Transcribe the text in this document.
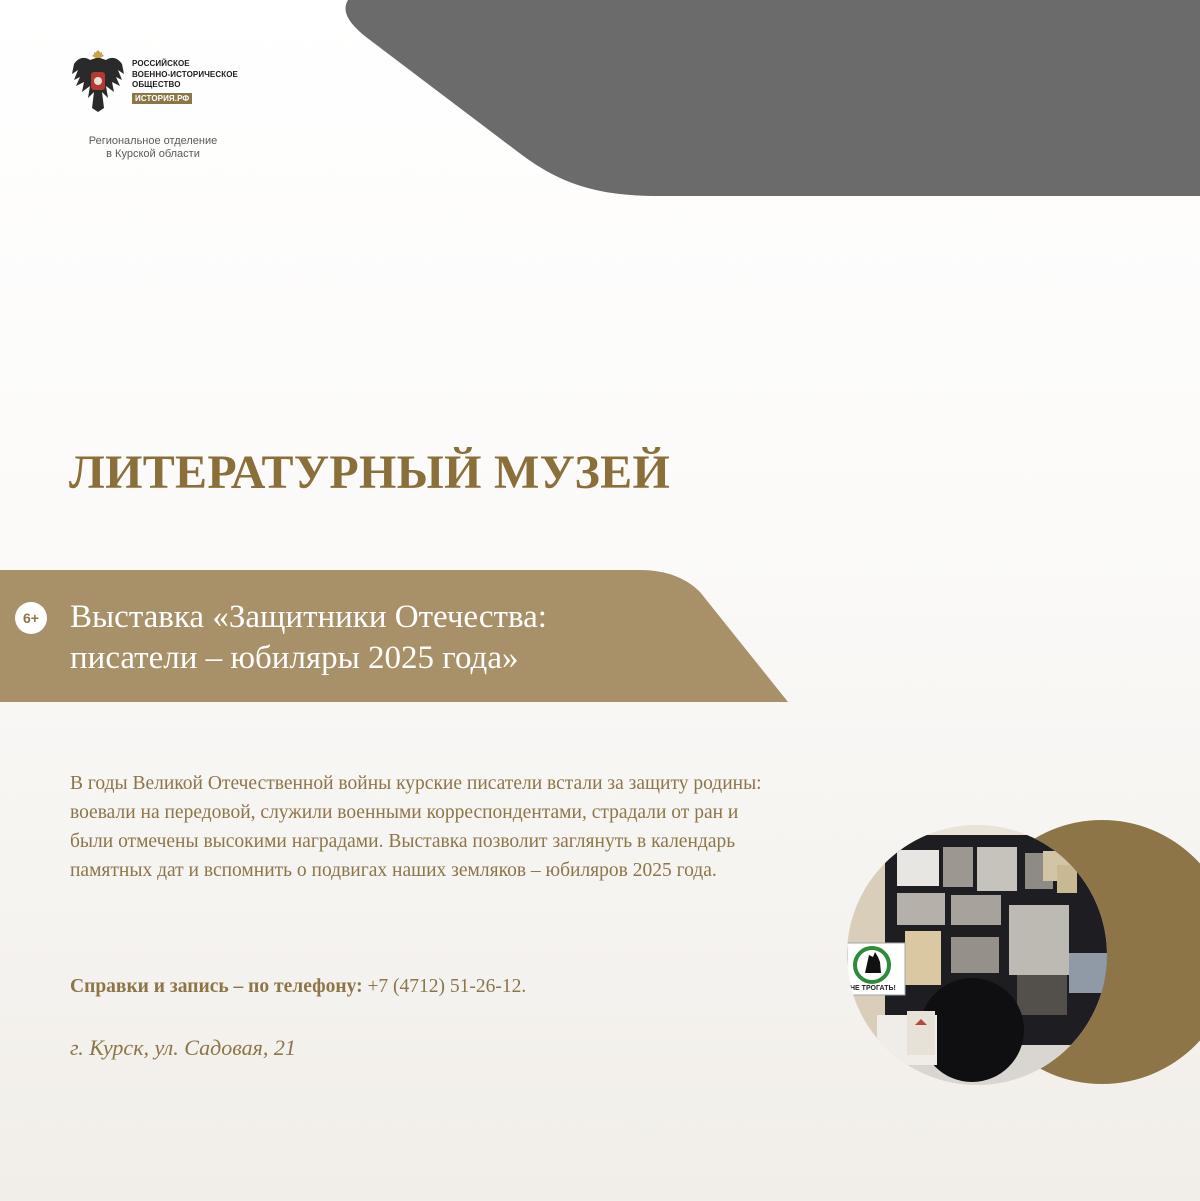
РОССИЙСКОЕ
ВОЕННО-ИСТОРИЧЕСКОЕ
ОБЩЕСТВО
ИСТОРИЯ.РФ
Региональное отделение
в Курской области
ЛИТЕРАТУРНЫЙ МУЗЕЙ
6+ Выставка «Защитники Отечества:
писатели – юбиляры 2025 года»

В годы Великой Отечественной войны курские писатели встали за защиту родины: воевали на передовой, служили военными корреспондентами, страдали от ран и были отмечены высокими наградами. Выставка позволит заглянуть в календарь памятных дат и вспомнить о подвигах наших земляков – юбиляров 2025 года.

Справки и запись – по телефону: +7 (4712) 51-26-12.

г. Курск, ул. Садовая, 21

НЕ ТРОГАТЬ!
